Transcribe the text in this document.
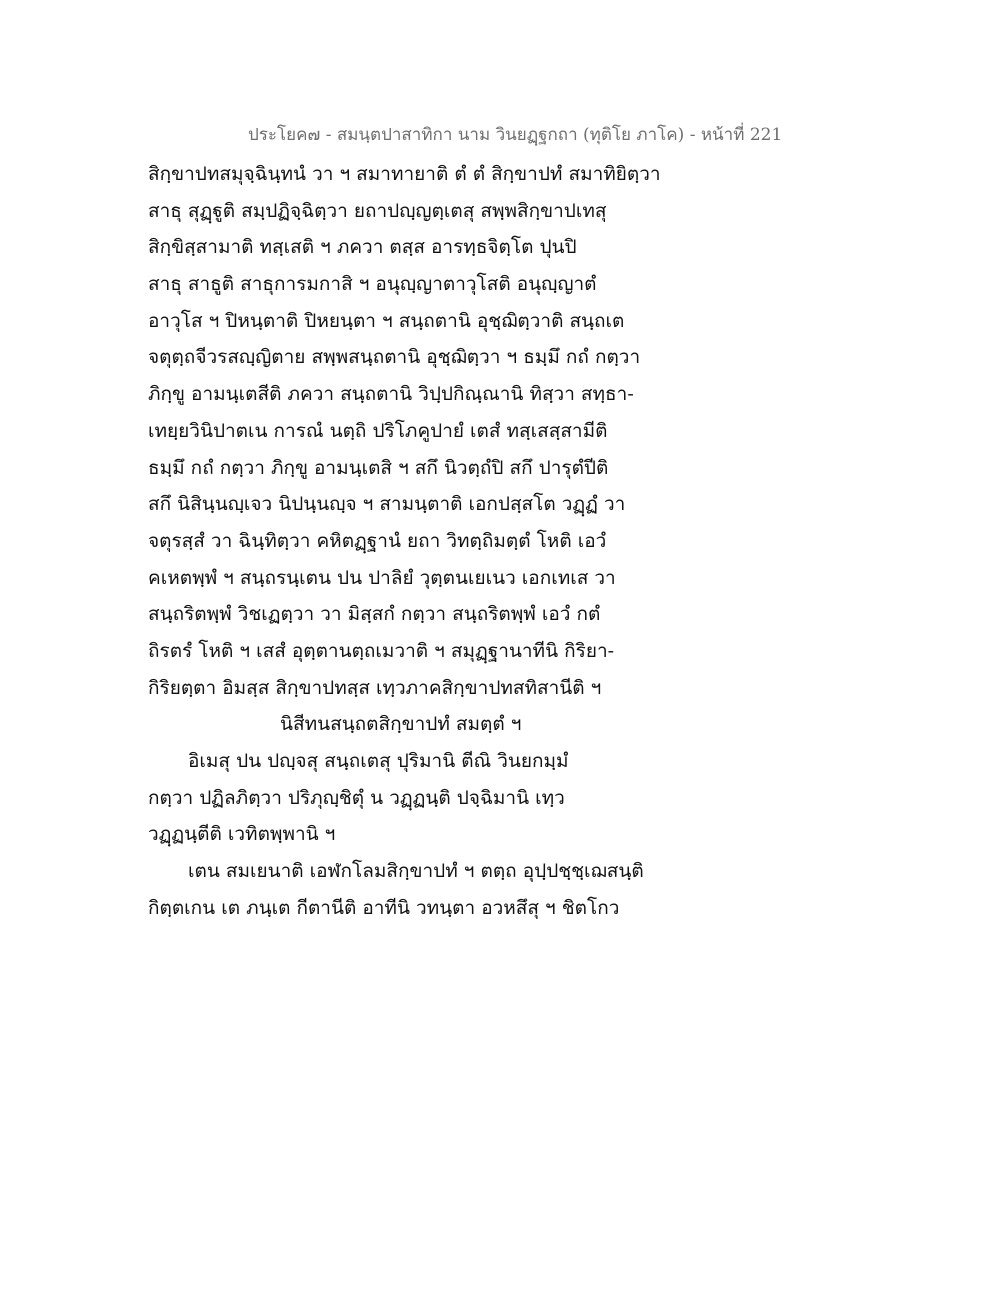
ประโยค๗ - สมนฺตปาสาทิกา นาม วินยฏฺฐกถา (ทุติโย ภาโค) - หน้าที่ 221
สิกฺขาปทสมุจฺฉินฺทนํ วา ฯ สมาทายาติ ตํ ตํ สิกฺขาปทํ สมาทิยิตฺวา
สาธุ สุฏฺฐูติ สมฺปฏิจฺฉิตฺวา ยถาปญฺญตฺเตสุ สพฺพสิกฺขาปเทสุ
สิกฺขิสฺสามาติ ทสฺเสติ ฯ ภควา ตสฺส อารทฺธจิตฺโต ปุนปิ
สาธุ สาธูติ สาธุการมกาสิ ฯ อนุญฺญาตาวุโสติ อนุญฺญาตํ
อาวุโส ฯ ปิหนฺตาติ ปิหยนฺตา ฯ สนฺถตานิ อุชฺฌิตฺวาติ สนฺถเต
จตุตฺถจีวรสญฺญิตาย สพฺพสนฺถตานิ อุชฺฌิตฺวา ฯ ธมฺมึ กถํ กตฺวา
ภิกฺขู อามนฺเตสีติ ภควา สนฺถตานิ วิปฺปกิณฺณานิ ทิสฺวา สทฺธา-
เทยฺยวินิปาตเน การณํ นตฺถิ ปริโภคูปายํ เตสํ ทสฺเสสฺสามีติ
ธมฺมึ กถํ กตฺวา ภิกฺขู อามนฺเตสิ ฯ สกึ นิวตฺถํปิ สกึ ปารุตํปีติ
สกึ นิสินฺนญฺเจว นิปนฺนญฺจ ฯ สามนฺตาติ เอกปสฺสโต วฏฺฏํ วา
จตุรสฺสํ วา ฉินฺทิตฺวา คหิตฏฺฐานํ ยถา วิทตฺถิมตฺตํ โหติ เอวํ
คเหตพฺพํ ฯ สนฺถรนฺเตน ปน ปาลิยํ วุตฺตนเยเนว เอกเทเส วา
สนฺถริตพฺพํ วิชเฏตฺวา วา มิสฺสกํ กตฺวา สนฺถริตพฺพํ เอวํ กตํ
ถิรตรํ โหติ ฯ เสสํ อุตฺตานตฺถเมวาติ ฯ สมุฏฺฐานาทีนิ กิริยา-
กิริยตฺตา อิมสฺส สิกฺขาปทสฺส เทฺวภาคสิกฺขาปทสทิสานีติ ฯ
นิสีทนสนฺถตสิกฺขาปทํ สมตฺตํ ฯ
อิเมสุ ปน ปญฺจสุ สนฺถเตสุ ปุริมานิ ตีณิ วินยกมฺมํ
กตฺวา ปฏิลภิตฺวา ปริภุญฺชิตุํ น วฏฺฏนฺติ ปจฺฉิมานิ เทฺว
วฏฺฏนฺตีติ เวทิตพฺพานิ ฯ
เตน สมเยนาติ เอฬกโลมสิกฺขาปทํ ฯ ตตฺถ อุปฺปชฺชฺเฌสนฺติ
กิตฺตเกน เต ภนฺเต กีตานีติ อาทีนิ วทนฺตา อวหสึสุ ฯ ชิตโกว
